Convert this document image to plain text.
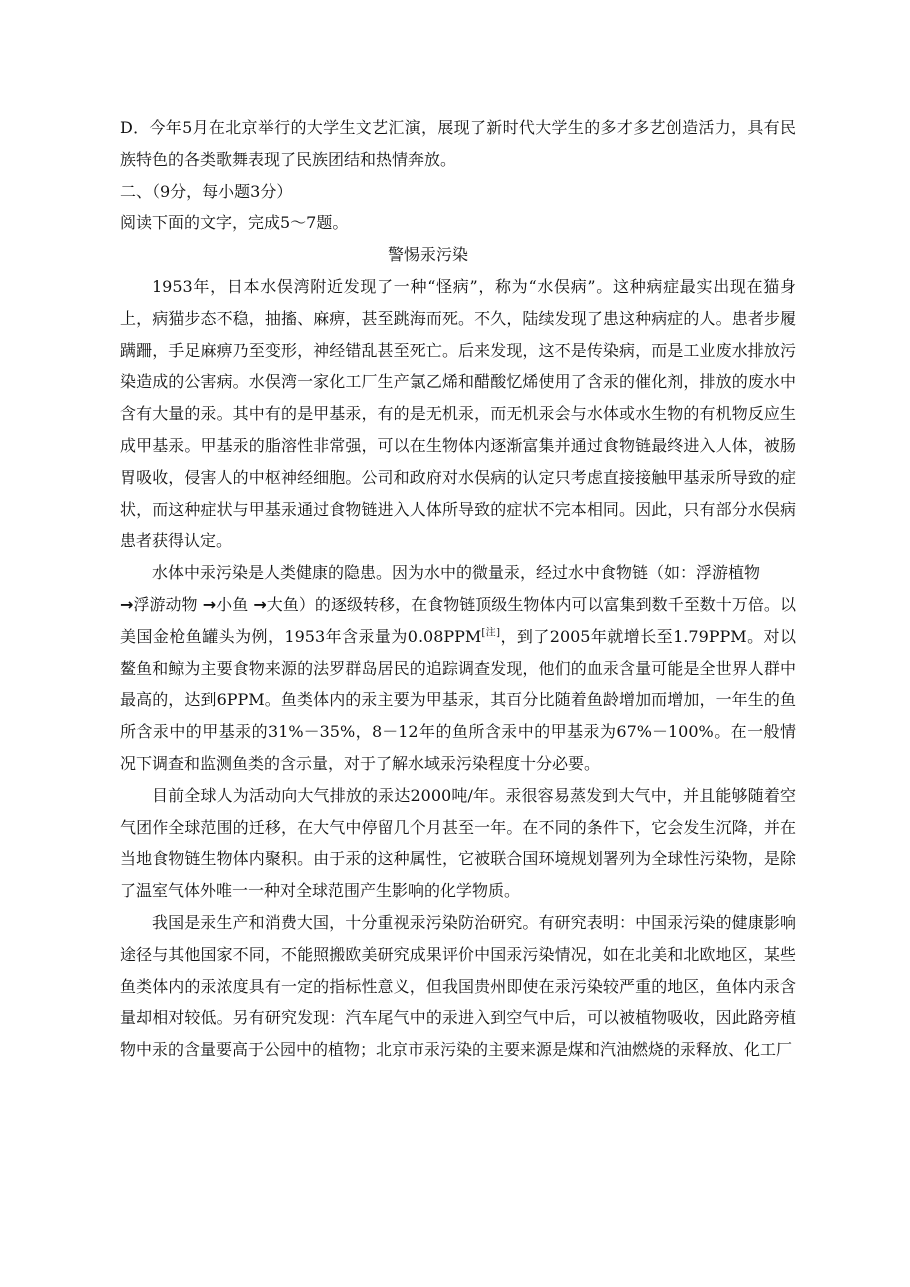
D．今年5月在北京举行的大学生文艺汇演，展现了新时代大学生的多才多艺创造活力，具有民族特色的各类歌舞表现了民族团结和热情奔放。

二、（9分，每小题3分）

阅读下面的文字，完成5～7题。

警惕汞污染

1953年，日本水俣湾附近发现了一种“怪病”，称为“水俣病”。这种病症最实出现在猫身上，病猫步态不稳，抽搐、麻痹，甚至跳海而死。不久，陆续发现了患这种病症的人。患者步履蹒跚，手足麻痹乃至变形，神经错乱甚至死亡。后来发现，这不是传染病，而是工业废水排放污染造成的公害病。水俣湾一家化工厂生产氯乙烯和醋酸忆烯使用了含汞的催化剂，排放的废水中含有大量的汞。其中有的是甲基汞，有的是无机汞，而无机汞会与水体或水生物的有机物反应生成甲基汞。甲基汞的脂溶性非常强，可以在生物体内逐渐富集并通过食物链最终进入人体，被肠胃吸收，侵害人的中枢神经细胞。公司和政府对水俣病的认定只考虑直接接触甲基汞所导致的症状，而这种症状与甲基汞通过食物链进入人体所导致的症状不完本相同。因此，只有部分水俣病患者获得认定。

水体中汞污染是人类健康的隐患。因为水中的微量汞，经过水中食物链（如：浮游植物
→浮游动物 →小鱼 →大鱼）的逐级转移，在食物链顶级生物体内可以富集到数千至数十万倍。以美国金枪鱼罐头为例，1953年含汞量为0.08PPM[注]，到了2005年就增长至1.79PPM。对以鳌鱼和鲸为主要食物来源的法罗群岛居民的追踪调查发现，他们的血汞含量可能是全世界人群中最高的，达到6PPM。鱼类体内的汞主要为甲基汞，其百分比随着鱼龄增加而增加，一年生的鱼所含汞中的甲基汞的31%－35%，8－12年的鱼所含汞中的甲基汞为67%－100%。在一般情况下调查和监测鱼类的含示量，对于了解水域汞污染程度十分必要。

目前全球人为活动向大气排放的汞达2000吨/年。汞很容易蒸发到大气中，并且能够随着空气团作全球范围的迁移，在大气中停留几个月甚至一年。在不同的条件下，它会发生沉降，并在当地食物链生物体内聚积。由于汞的这种属性，它被联合国环境规划署列为全球性污染物，是除了温室气体外唯一一种对全球范围产生影响的化学物质。

我国是汞生产和消费大国，十分重视汞污染防治研究。有研究表明：中国汞污染的健康影响途径与其他国家不同，不能照搬欧美研究成果评价中国汞污染情况，如在北美和北欧地区，某些鱼类体内的汞浓度具有一定的指标性意义，但我国贵州即使在汞污染较严重的地区，鱼体内汞含量却相对较低。另有研究发现：汽车尾气中的汞进入到空气中后，可以被植物吸收，因此路旁植物中汞的含量要高于公园中的植物；北京市汞污染的主要来源是煤和汽油燃烧的汞释放、化工厂
